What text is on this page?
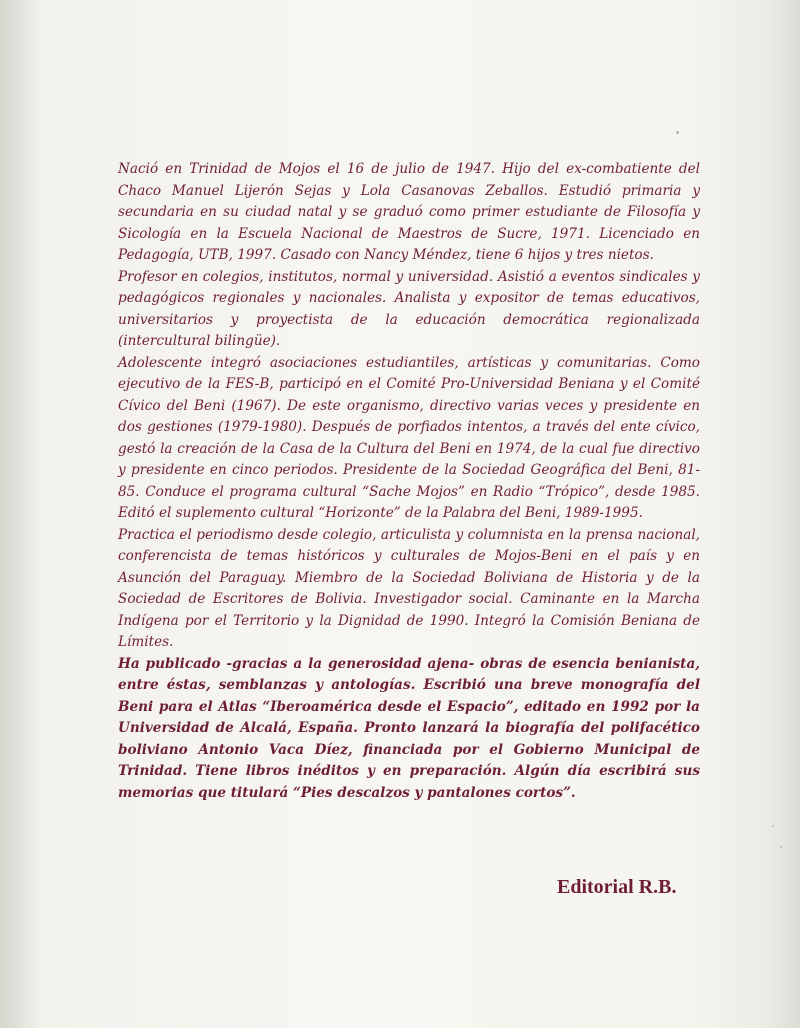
Nació en Trinidad de Mojos el 16 de julio de 1947. Hijo del ex-combatiente del Chaco Manuel Lijerón Sejas y Lola Casanovas Zeballos. Estudió primaria y secundaria en su ciudad natal y se graduó como primer estudiante de Filosofía y Sicología en la Escuela Nacional de Maestros de Sucre, 1971. Licenciado en Pedagogía, UTB, 1997. Casado con Nancy Méndez, tiene 6 hijos y tres nietos.

Profesor en colegios, institutos, normal y universidad. Asistió a eventos sindicales y pedagógicos regionales y nacionales. Analista y expositor de temas educativos, universitarios y proyectista de la educación democrática regionalizada (intercultural bilingüe).

Adolescente integró asociaciones estudiantiles, artísticas y comunitarias. Como ejecutivo de la FES-B, participó en el Comité Pro-Universidad Beniana y el Comité Cívico del Beni (1967). De este organismo, directivo varias veces y presidente en dos gestiones (1979-1980). Después de porfiados intentos, a través del ente cívico, gestó la creación de la Casa de la Cultura del Beni en 1974, de la cual fue directivo y presidente en cinco periodos. Presidente de la Sociedad Geográfica del Beni, 81-85. Conduce el programa cultural “Sache Mojos” en Radio “Trópico”, desde 1985. Editó el suplemento cultural “Horizonte” de la Palabra del Beni, 1989-1995.

Practica el periodismo desde colegio, articulista y columnista en la prensa nacional, conferencista de temas históricos y culturales de Mojos-Beni en el país y en Asunción del Paraguay. Miembro de la Sociedad Boliviana de Historia y de la Sociedad de Escritores de Bolivia. Investigador social. Caminante en la Marcha Indígena por el Territorio y la Dignidad de 1990. Integró la Comisión Beniana de Límites.

Ha publicado -gracias a la generosidad ajena- obras de esencia benianista, entre éstas, semblanzas y antologías. Escribió una breve monografía del Beni para el Atlas “Iberoamérica desde el Espacio”, editado en 1992 por la Universidad de Alcalá, España. Pronto lanzará la biografía del polifacético boliviano Antonio Vaca Díez, financiada por el Gobierno Municipal de Trinidad. Tiene libros inéditos y en preparación. Algún día escribirá sus memorias que titulará “Pies descalzos y pantalones cortos”.

Editorial R.B.
